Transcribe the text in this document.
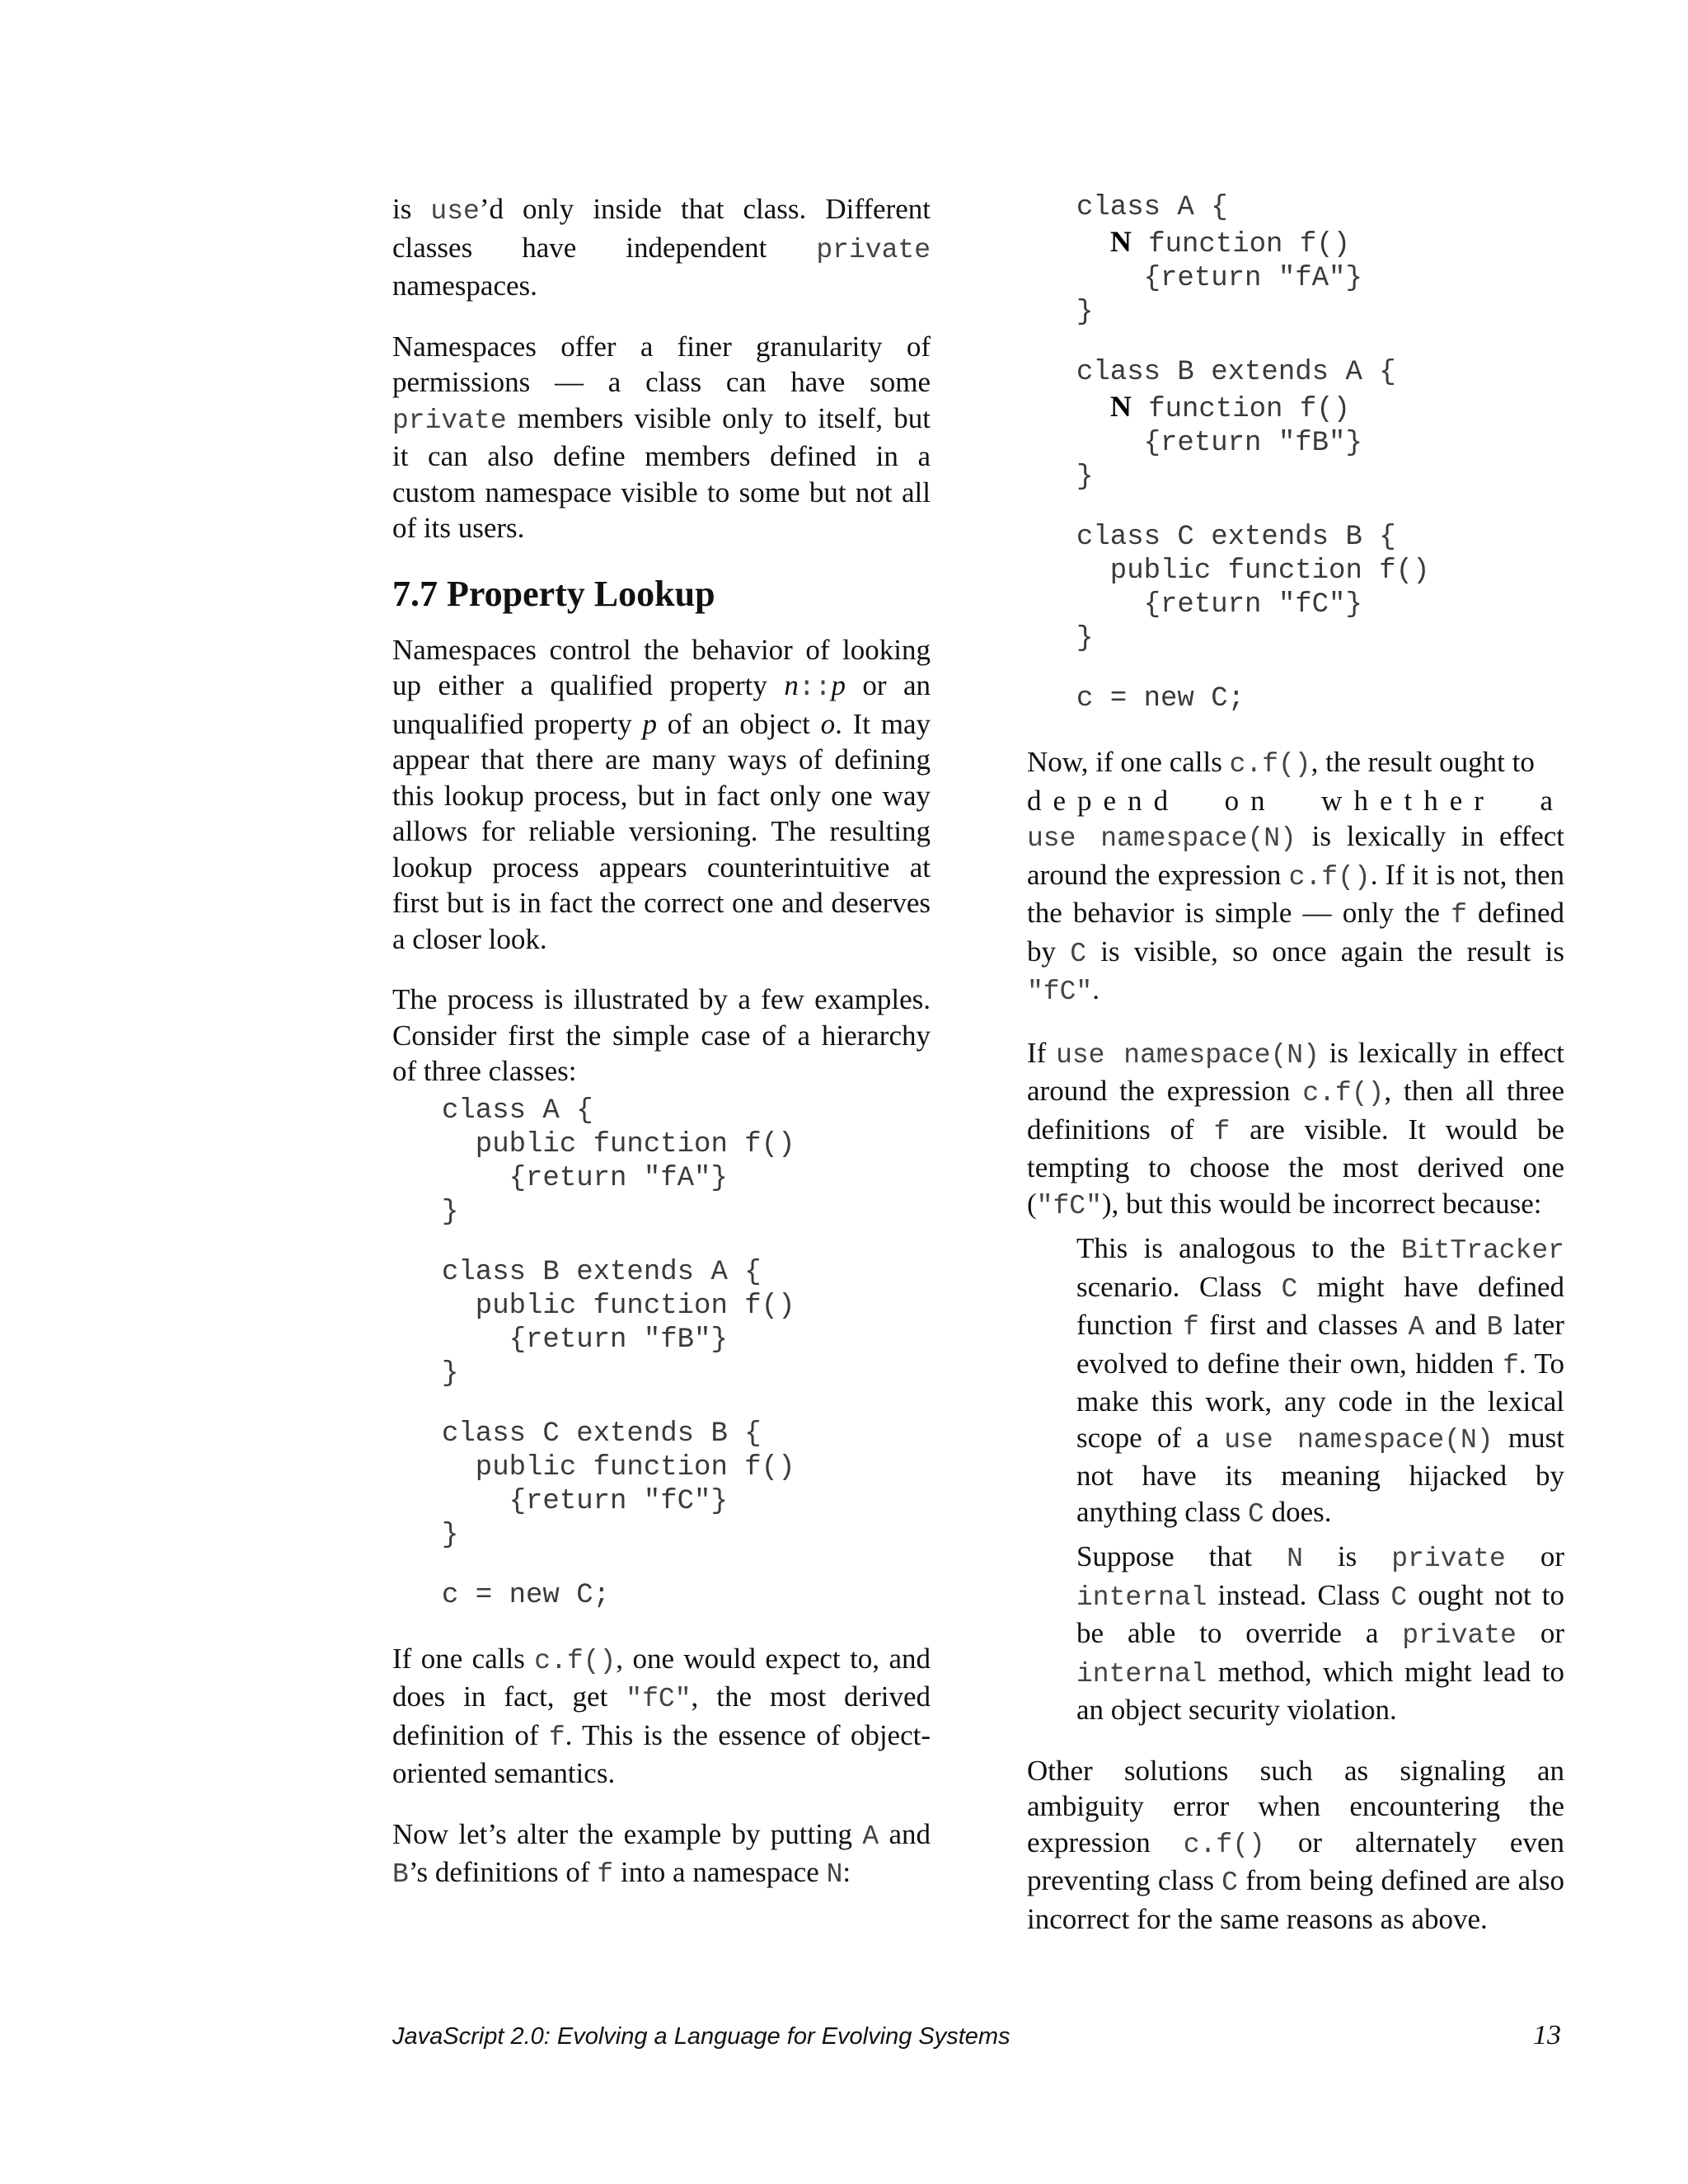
is use’d only inside that class. Different classes have independent private namespaces.
Namespaces offer a finer granularity of permissions — a class can have some private members visible only to itself, but it can also define members defined in a custom namespace visible to some but not all of its users.
7.7 Property Lookup
Namespaces control the behavior of looking up either a qualified property n::p or an unqualified property p of an object o. It may appear that there are many ways of defining this lookup process, but in fact only one way allows for reliable versioning. The resulting lookup process appears counterintuitive at first but is in fact the correct one and deserves a closer look.
The process is illustrated by a few examples. Consider first the simple case of a hierarchy of three classes:
class A {
public function f()
{return "fA"}
}

class B extends A {
public function f()
{return "fB"}
}

class C extends B {
public function f()
{return "fC"}
}

c = new C;
If one calls c.f(), one would expect to, and does in fact, get "fC", the most derived definition of f. This is the essence of object-oriented semantics.
Now let’s alter the example by putting A and B’s definitions of f into a namespace N:
class A {
N function f()
{return "fA"}
}

class B extends A {
N function f()
{return "fB"}
}

class C extends B {
public function f()
{return "fC"}
}

c = new C;
Now, if one calls c.f(), the result ought to
depend on whether a
use namespace(N) is lexically in effect around the expression c.f(). If it is not, then the behavior is simple — only the f defined by C is visible, so once again the result is "fC".
If use namespace(N) is lexically in effect around the expression c.f(), then all three definitions of f are visible. It would be tempting to choose the most derived one ("fC"), but this would be incorrect because:
This is analogous to the BitTracker scenario. Class C might have defined function f first and classes A and B later evolved to define their own, hidden f. To make this work, any code in the lexical scope of a use namespace(N) must not have its meaning hijacked by anything class C does.
Suppose that N is private or internal instead. Class C ought not to be able to override a private or internal method, which might lead to an object security violation.
Other solutions such as signaling an ambiguity error when encountering the expression c.f() or alternately even preventing class C from being defined are also incorrect for the same reasons as above.
JavaScript 2.0: Evolving a Language for Evolving Systems	13
